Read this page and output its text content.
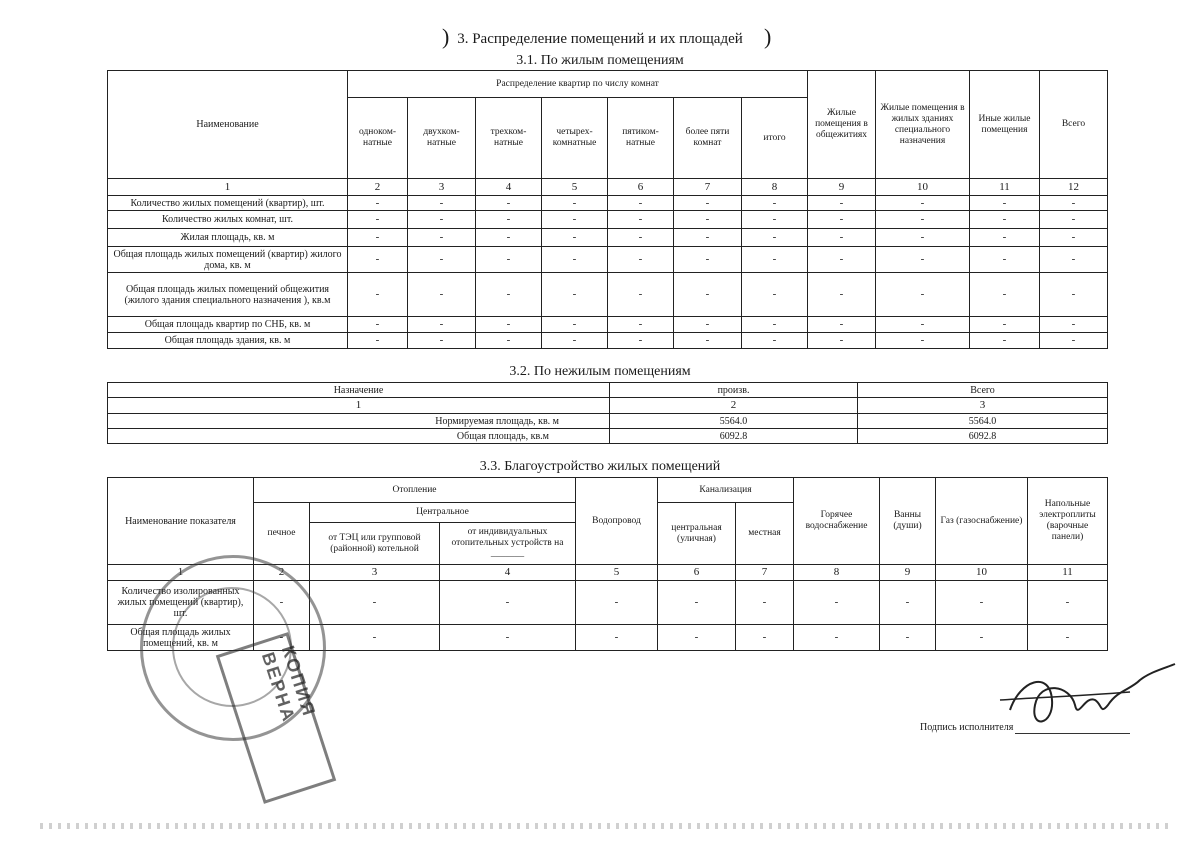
) 3. Распределение помещений и их площадей )
3.1. По жилым помещениям
Наименование	Распределение квартир по числу комнат							Жилые помещения в общежитиях	Жилые помещения в жилых зданиях специального назначения	Иные жилые помещения	Всего
	одноком-натные	двухком-натные	трехком-натные	четырех-комнатные	пятиком-натные	более пяти комнат	итого				
1	2	3	4	5	6	7	8	9	10	11	12
Количество жилых помещений (квартир), шт.	-	-	-	-	-	-	-	-	-	-	-
Количество жилых комнат, шт.	-	-	-	-	-	-	-	-	-	-	-
Жилая площадь, кв. м	-	-	-	-	-	-	-	-	-	-	-
Общая площадь жилых помещений (квартир) жилого дома, кв. м	-	-	-	-	-	-	-	-	-	-	-
Общая площадь жилых помещений общежития (жилого здания специального назначения ), кв.м	-	-	-	-	-	-	-	-	-	-	-
Общая площадь квартир по СНБ, кв. м	-	-	-	-	-	-	-	-	-	-	-
Общая площадь здания, кв. м	-	-	-	-	-	-	-	-	-	-	-
3.2. По нежилым помещениям
Назначение	произв.	Всего
1	2	3
Нормируемая площадь, кв. м	5564.0	5564.0
Общая площадь, кв.м	6092.8	6092.8
3.3. Благоустройство жилых помещений
Наименование показателя	Отопление			Водопровод	Канализация		Горячее водоснабжение	Ванны (души)	Газ (газоснабжение)	Напольные электроплиты (варочные панели)
	печное	Центральное			центральная (уличная)	местная				
		от ТЭЦ или групповой (районной) котельной	от индивидуальных отопительных устройств на _______							
1	2	3	4	5	6	7	8	9	10	11
Количество изолированных жилых помещений (квартир), шт.	-	-	-	-	-	-	-	-	-	-
Общая площадь жилых помещений, кв. м	-	-	-	-	-	-	-	-	-	-
КОПИЯ ВЕРНА
Подпись исполнителя
